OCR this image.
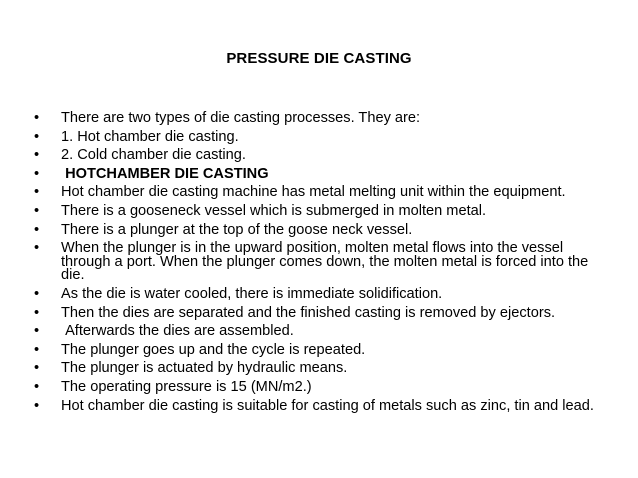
PRESSURE DIE CASTING
• There are two types of die casting processes. They are:
• 1. Hot chamber die casting.
• 2. Cold chamber die casting.
• HOTCHAMBER DIE CASTING
• Hot chamber die casting machine has metal melting unit within the equipment.
• There is a gooseneck vessel which is submerged in molten metal.
• There is a plunger at the top of the goose neck vessel.
• When the plunger is in the upward position, molten metal flows into the vessel through a port. When the plunger comes down, the molten metal is forced into the die.
• As the die is water cooled, there is immediate solidification.
• Then the dies are separated and the finished casting is removed by ejectors.
• Afterwards the dies are assembled.
• The plunger goes up and the cycle is repeated.
• The plunger is actuated by hydraulic means.
• The operating pressure is 15 (MN/m2.)
• Hot chamber die casting is suitable for casting of metals such as zinc, tin and lead.
